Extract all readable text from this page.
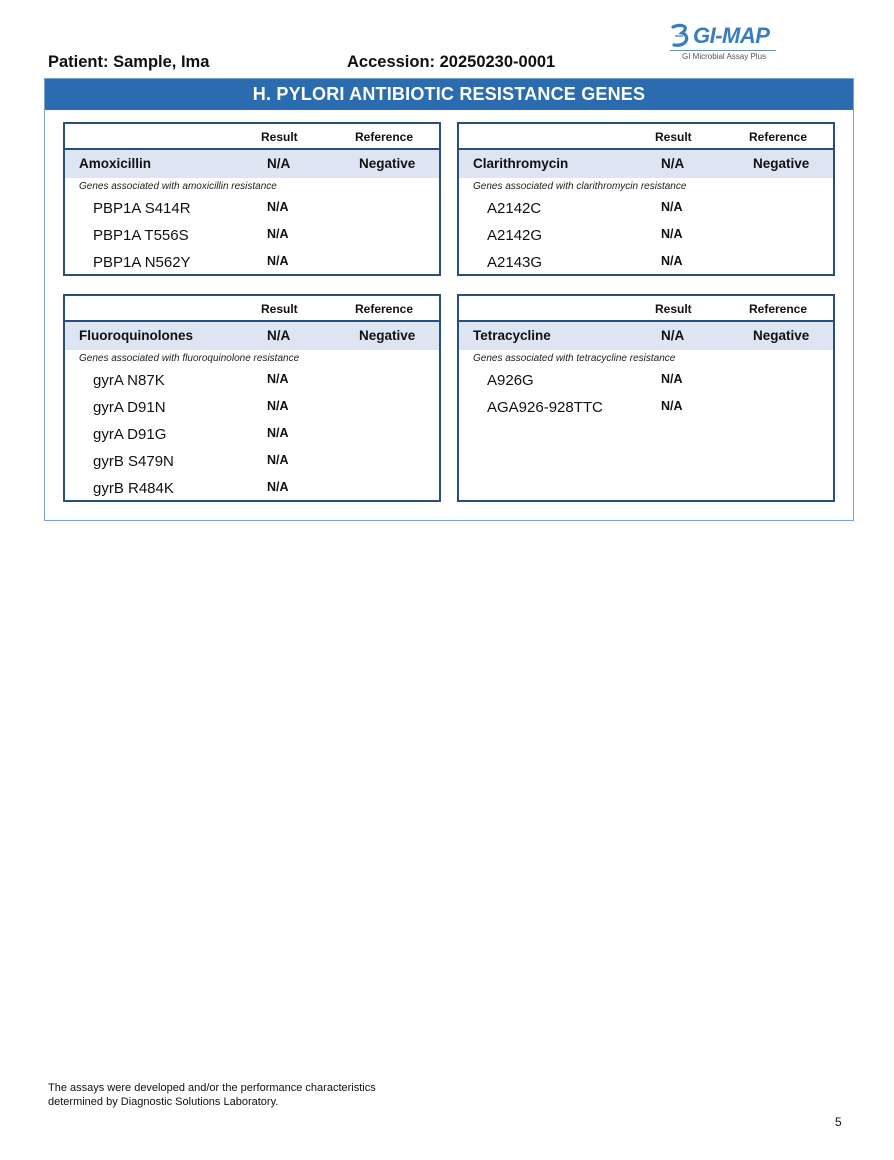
Patient: Sample, Ima	Accession: 20250230-0001
GI-MAP
GI Microbial Assay Plus
H. PYLORI ANTIBIOTIC RESISTANCE GENES
Result	Reference
Amoxicillin	N/A	Negative
Genes associated with amoxicillin resistance
PBP1A S414R	N/A
PBP1A T556S	N/A
PBP1A N562Y	N/A
Result	Reference
Clarithromycin	N/A	Negative
Genes associated with clarithromycin resistance
A2142C	N/A
A2142G	N/A
A2143G	N/A
Result	Reference
Fluoroquinolones	N/A	Negative
Genes associated with fluoroquinolone resistance
gyrA N87K	N/A
gyrA D91N	N/A
gyrA D91G	N/A
gyrB S479N	N/A
gyrB R484K	N/A
Result	Reference
Tetracycline	N/A	Negative
Genes associated with tetracycline resistance
A926G	N/A
AGA926-928TTC	N/A
The assays were developed and/or the performance characteristics
determined by Diagnostic Solutions Laboratory.
5
